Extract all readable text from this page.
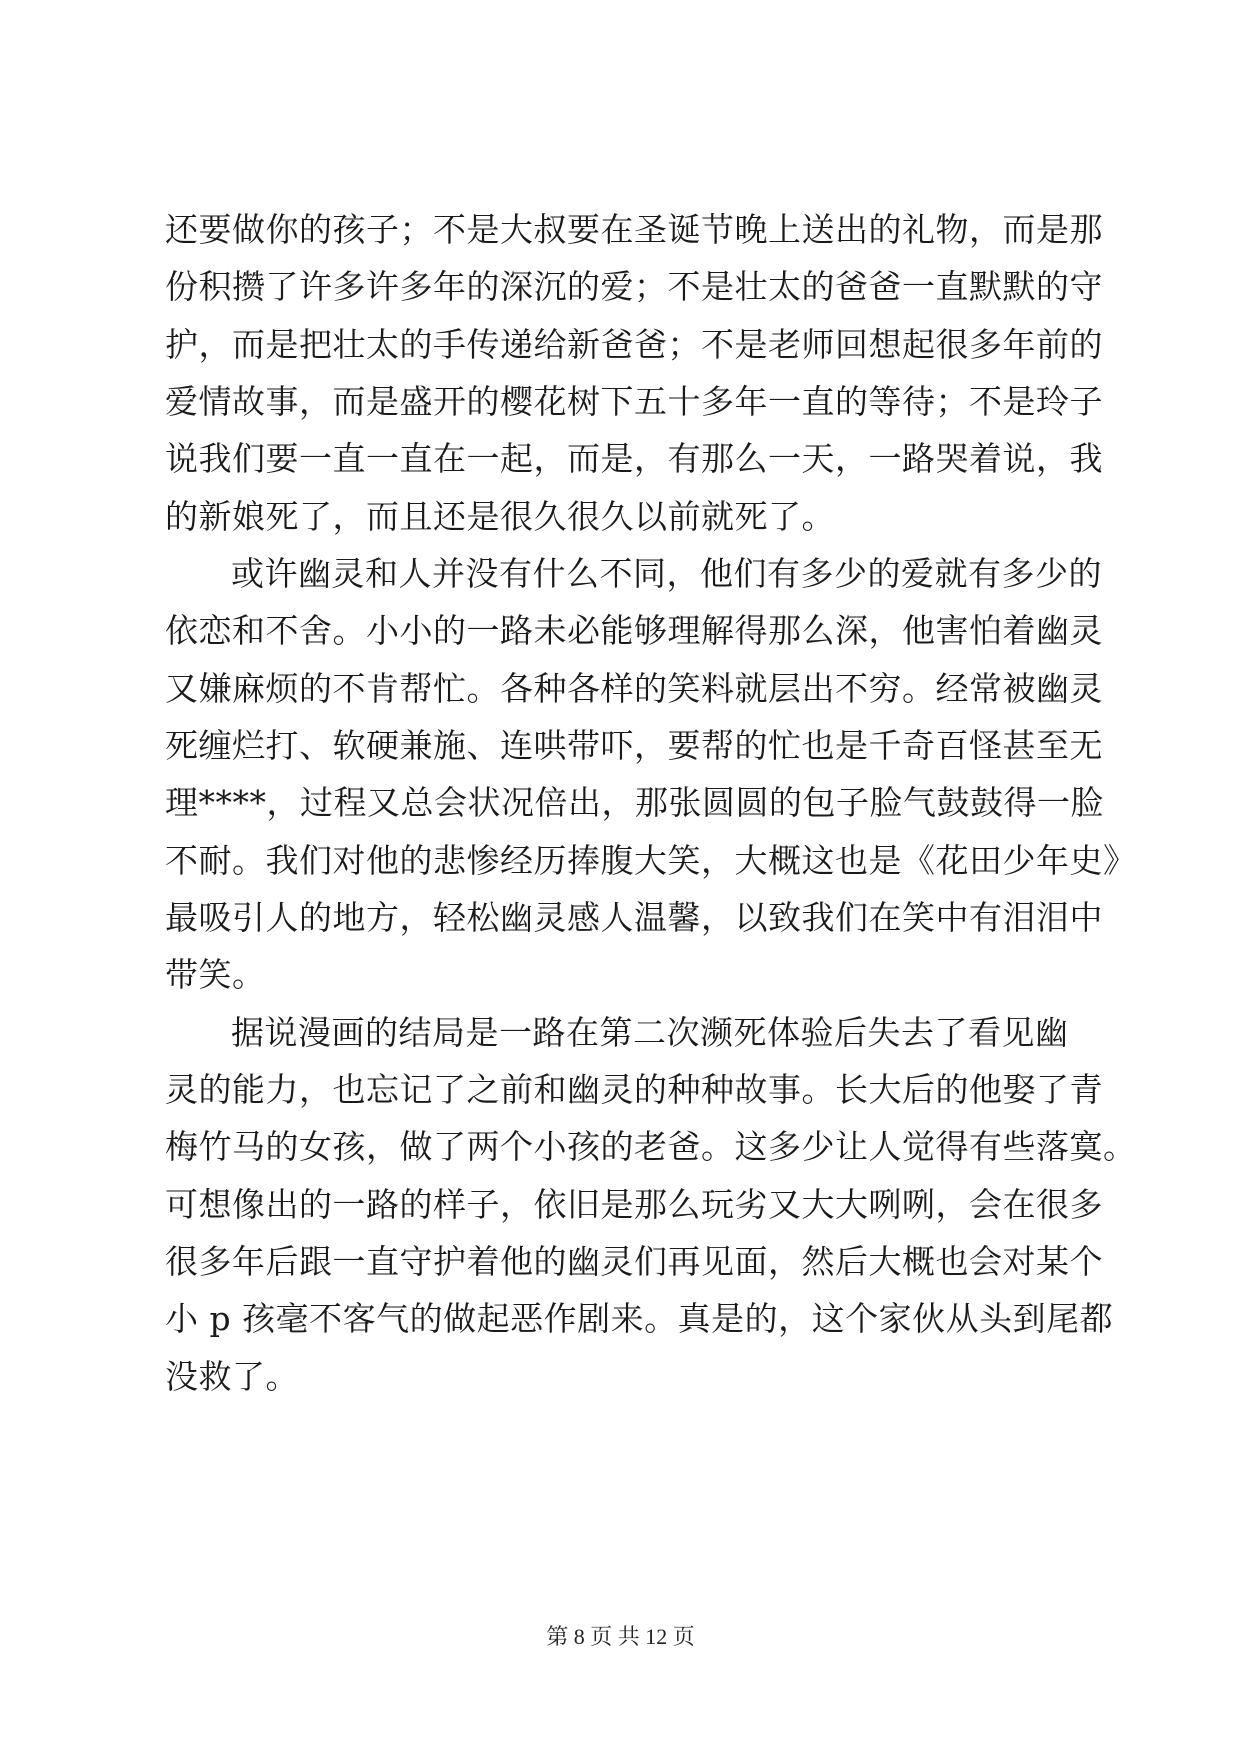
还要做你的孩子；不是大叔要在圣诞节晚上送出的礼物，而是那
份积攒了许多许多年的深沉的爱；不是壮太的爸爸一直默默的守
护，而是把壮太的手传递给新爸爸；不是老师回想起很多年前的
爱情故事，而是盛开的樱花树下五十多年一直的等待；不是玲子
说我们要一直一直在一起，而是，有那么一天，一路哭着说，我
的新娘死了，而且还是很久很久以前就死了。
或许幽灵和人并没有什么不同，他们有多少的爱就有多少的
依恋和不舍。小小的一路未必能够理解得那么深，他害怕着幽灵
又嫌麻烦的不肯帮忙。各种各样的笑料就层出不穷。经常被幽灵
死缠烂打、软硬兼施、连哄带吓，要帮的忙也是千奇百怪甚至无
理****，过程又总会状况倍出，那张圆圆的包子脸气鼓鼓得一脸
不耐。我们对他的悲惨经历捧腹大笑，大概这也是《花田少年史》
最吸引人的地方，轻松幽灵感人温馨，以致我们在笑中有泪泪中
带笑。
据说漫画的结局是一路在第二次濒死体验后失去了看见幽
灵的能力，也忘记了之前和幽灵的种种故事。长大后的他娶了青
梅竹马的女孩，做了两个小孩的老爸。这多少让人觉得有些落寞。
可想像出的一路的样子，依旧是那么玩劣又大大咧咧，会在很多
很多年后跟一直守护着他的幽灵们再见面，然后大概也会对某个
小 p 孩毫不客气的做起恶作剧来。真是的，这个家伙从头到尾都
没救了。
第 8 页 共 12 页
